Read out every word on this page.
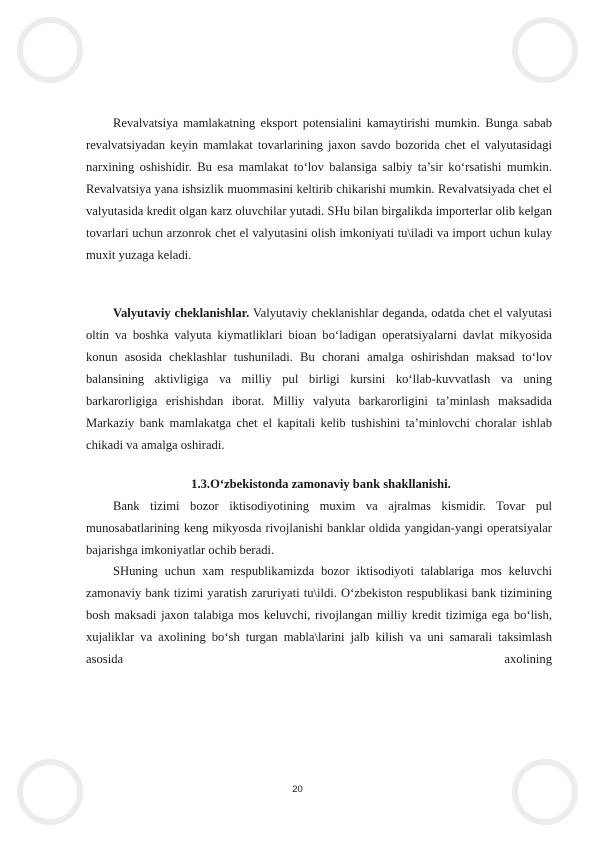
Revalvatsiya mamlakatning eksport potensialini kamaytirishi mumkin. Bunga sabab revalvatsiyadan keyin mamlakat tovarlarining jaxon savdo bozorida chet el valyutasidagi narxining oshishidir. Bu esa mamlakat to‘lov balansiga salbiy ta’sir ko‘rsatishi mumkin. Revalvatsiya yana ishsizlik muommasini keltirib chikarishi mumkin. Revalvatsiyada chet el valyutasida kredit olgan karz oluvchilar yutadi. SHu bilan birgalikda importerlar olib kelgan tovarlari uchun arzonrok chet el valyutasini olish imkoniyati tu\iladi va import uchun kulay muxit yuzaga keladi.

Valyutaviy cheklanishlar. Valyutaviy cheklanishlar deganda, odatda chet el valyutasi oltin va boshka valyuta kiymatliklari bioan bo‘ladigan operatsiyalarni davlat mikyosida konun asosida cheklashlar tushuniladi. Bu chorani amalga oshirishdan maksad to‘lov balansining aktivligiga va milliy pul birligi kursini ko‘llab-kuvvatlash va uning barkarorligiga erishishdan iborat. Milliy valyuta barkarorligini ta’minlash maksadida Markaziy bank mamlakatga chet el kapitali kelib tushishini ta’minlovchi choralar ishlab chikadi va amalga oshiradi.

1.3.O‘zbekistonda zamonaviy bank shakllanishi.

Bank tizimi bozor iktisodiyotining muxim va ajralmas kismidir. Tovar pul munosabatlarining keng mikyosda rivojlanishi banklar oldida yangidan-yangi operatsiyalar bajarishga imkoniyatlar ochib beradi.

SHuning uchun xam respublikamizda bozor iktisodiyoti talablariga mos keluvchi zamonaviy bank tizimi yaratish zaruriyati tu\ildi. O‘zbekiston respublikasi bank tizimining bosh maksadi jaxon talabiga mos keluvchi, rivojlangan milliy kredit tizimiga ega bo‘lish, xujaliklar va axolining bo‘sh turgan mabla\larini jalb kilish va uni samarali taksimlash asosida axolining

20
